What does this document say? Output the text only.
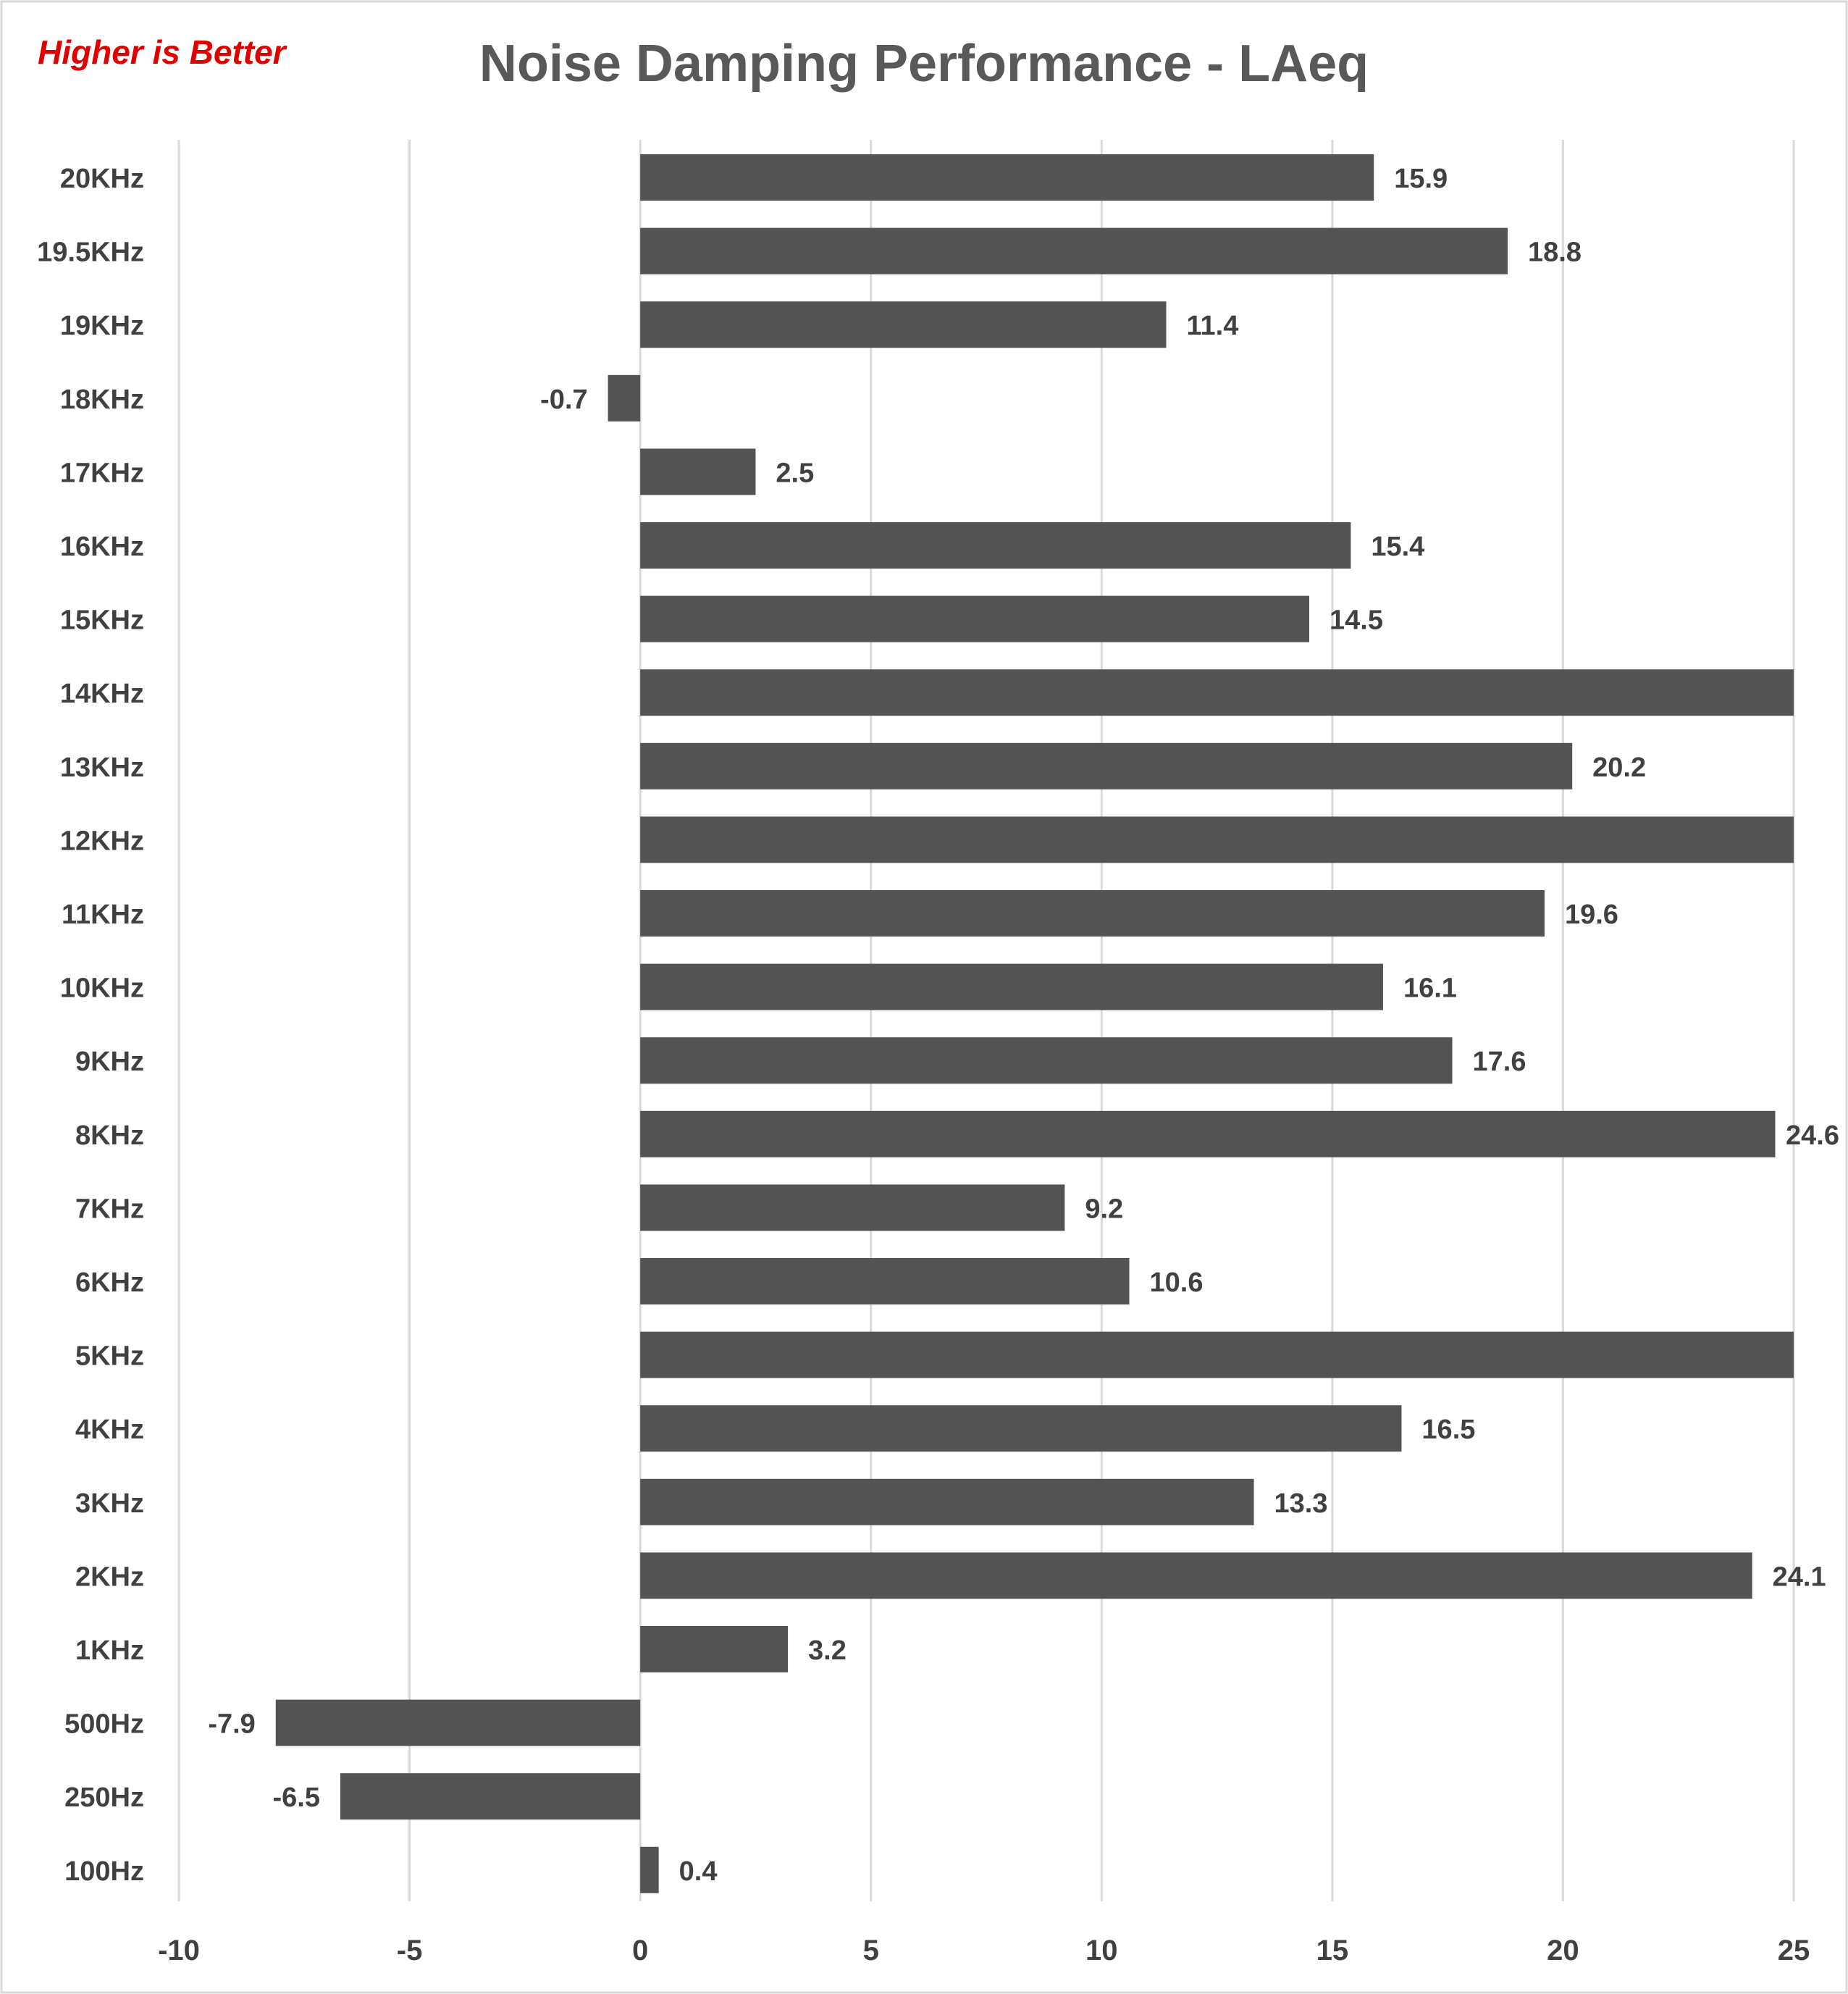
Higher is Better	Noise Damping Performance - LAeq
20KHz
19.5KHz
19KHz
18KHz
17KHz
16KHz
15KHz
14KHz
13KHz
12KHz
11KHz
10KHz
9KHz
8KHz
7KHz
6KHz
5KHz
4KHz
3KHz
2KHz
1KHz
500Hz
250Hz
100Hz
-10	-5	0	5	10	15	20	25
15.9
18.8
11.4
-0.7
2.5
15.4
14.5
20.2
19.6
16.1
17.6
24.6
9.2
10.6
16.5
13.3
24.1
3.2
-7.9
-6.5
0.4
